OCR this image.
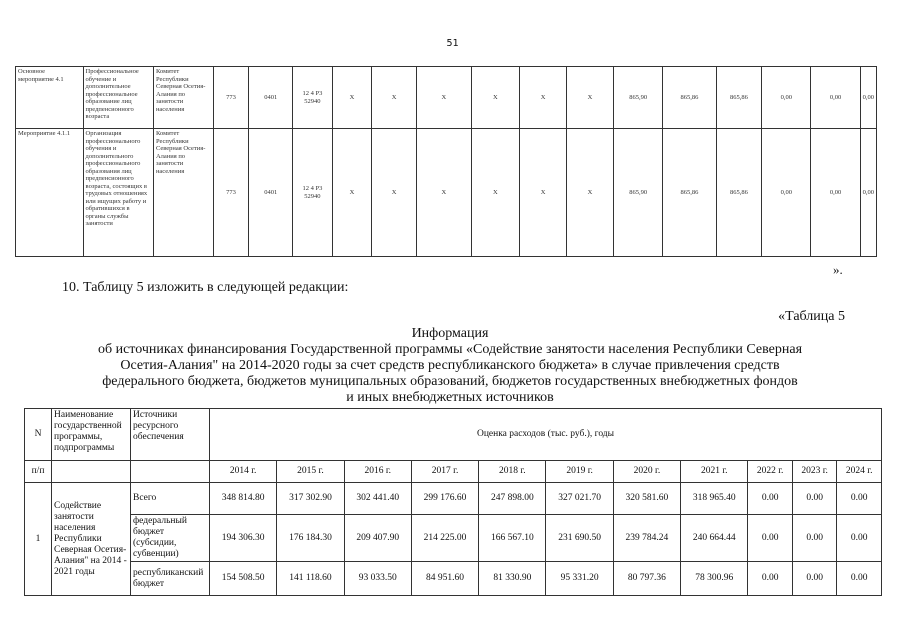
51
Основное мероприятие 4.1	Профессиональное обучение и дополнительное профессиональное образование лиц предпенсионного возраста	Комитет Республики Северная Осетия-Алания по занятости населения	773	0401	12 4 Р3 52940	Х	Х	Х	Х	Х	Х	865,90	865,86	865,86	0,00	0,00	0,00
Мероприятие 4.1.1	Организация профессионального обучения и дополнительного профессионального образования лиц предпенсионного возраста, состоящих в трудовых отношениях или ищущих работу и обратившихся в органы службы занятости	Комитет Республики Северная Осетия-Алания по занятости населения	773	0401	12 4 Р3 52940	Х	Х	Х	Х	Х	Х	865,90	865,86	865,86	0,00	0,00	0,00
».
10. Таблицу 5 изложить в следующей редакции:
«Таблица 5
Информация
об источниках финансирования Государственной программы «Содействие занятости населения Республики Северная
Осетия-Алания" на 2014-2020 годы за счет средств республиканского бюджета» в случае привлечения средств
федерального бюджета, бюджетов муниципальных образований, бюджетов государственных внебюджетных фондов
и иных внебюджетных источников
N	Наименование государственной программы, подпрограммы	Источники ресурсного обеспечения	Оценка расходов (тыс. руб.), годы										
п/п			2014 г.	2015 г.	2016 г.	2017 г.	2018 г.	2019 г.	2020 г.	2021 г.	2022 г.	2023 г.	2024 г.
1	Содействие занятости населения Республики Северная Осетия-Алания" на 2014 - 2021 годы	Всего	348 814.80	317 302.90	302 441.40	299 176.60	247 898.00	327 021.70	320 581.60	318 965.40	0.00	0.00	0.00
		федеральный бюджет (субсидии, субвенции)	194 306.30	176 184.30	209 407.90	214 225.00	166 567.10	231 690.50	239 784.24	240 664.44	0.00	0.00	0.00
		республиканский бюджет	154 508.50	141 118.60	93 033.50	84 951.60	81 330.90	95 331.20	80 797.36	78 300.96	0.00	0.00	0.00
